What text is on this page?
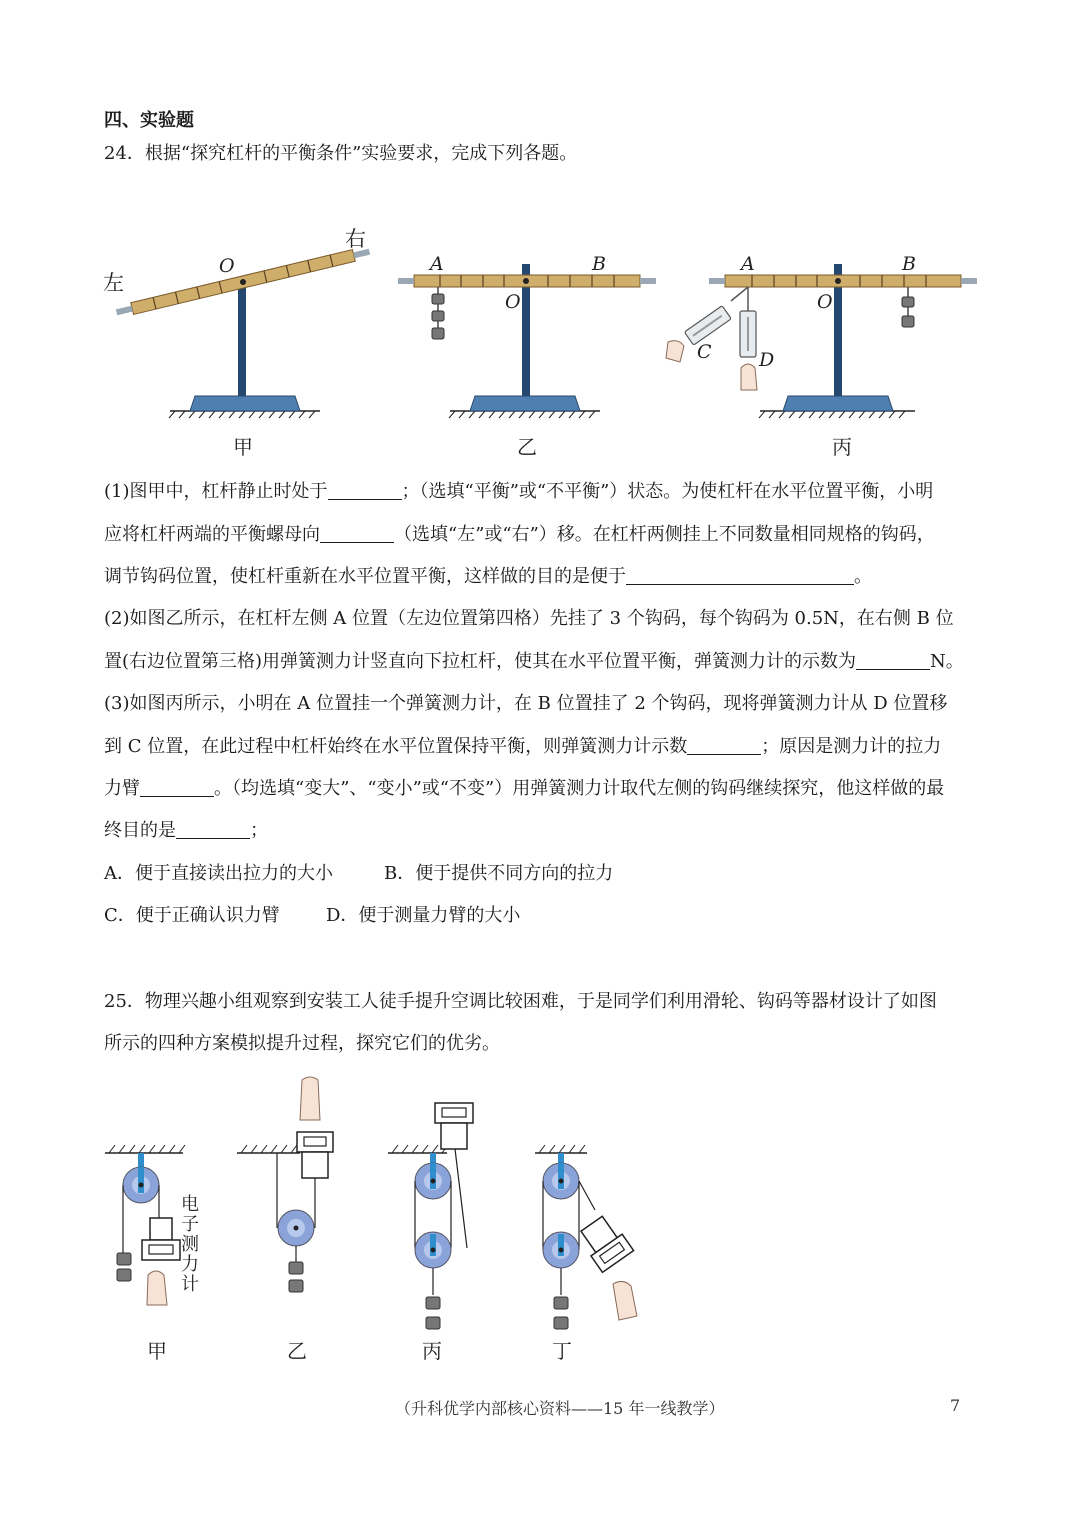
四、实验题
24．根据“探究杠杆的平衡条件”实验要求，完成下列各题。
左
右
O	A	B
O
A	B
O
C D
甲	乙	丙
(1)图甲中，杠杆静止时处于	；（选填“平衡”或“不平衡”）状态。为使杠杆在水平位置平衡，小明
应将杠杆两端的平衡螺母向	（选填“左”或“右”）移。在杠杆两侧挂上不同数量相同规格的钩码，
调节钩码位置，使杠杆重新在水平位置平衡，这样做的目的是便于	。
(2)如图乙所示，在杠杆左侧 A 位置（左边位置第四格）先挂了 3 个钩码，每个钩码为 0.5N，在右侧 B 位
置(右边位置第三格)用弹簧测力计竖直向下拉杠杆，使其在水平位置平衡，弹簧测力计的示数为	N。
(3)如图丙所示，小明在 A 位置挂一个弹簧测力计，在 B 位置挂了 2 个钩码，现将弹簧测力计从 D 位置移
到 C 位置，在此过程中杠杆始终在水平位置保持平衡，则弹簧测力计示数	；原因是测力计的拉力
力臂	。（均选填“变大”、“变小”或“不变”）用弹簧测力计取代左侧的钩码继续探究，他这样做的最
终目的是	；
A．便于直接读出拉力的大小	B．便于提供不同方向的拉力
C．便于正确认识力臂	D．便于测量力臂的大小
25．物理兴趣小组观察到安装工人徒手提升空调比较困难，于是同学们利用滑轮、钩码等器材设计了如图
所示的四种方案模拟提升过程，探究它们的优劣。
电
子
测
力
计
甲	乙	丙	丁
（升科优学内部核心资料——15 年一线教学）	7
